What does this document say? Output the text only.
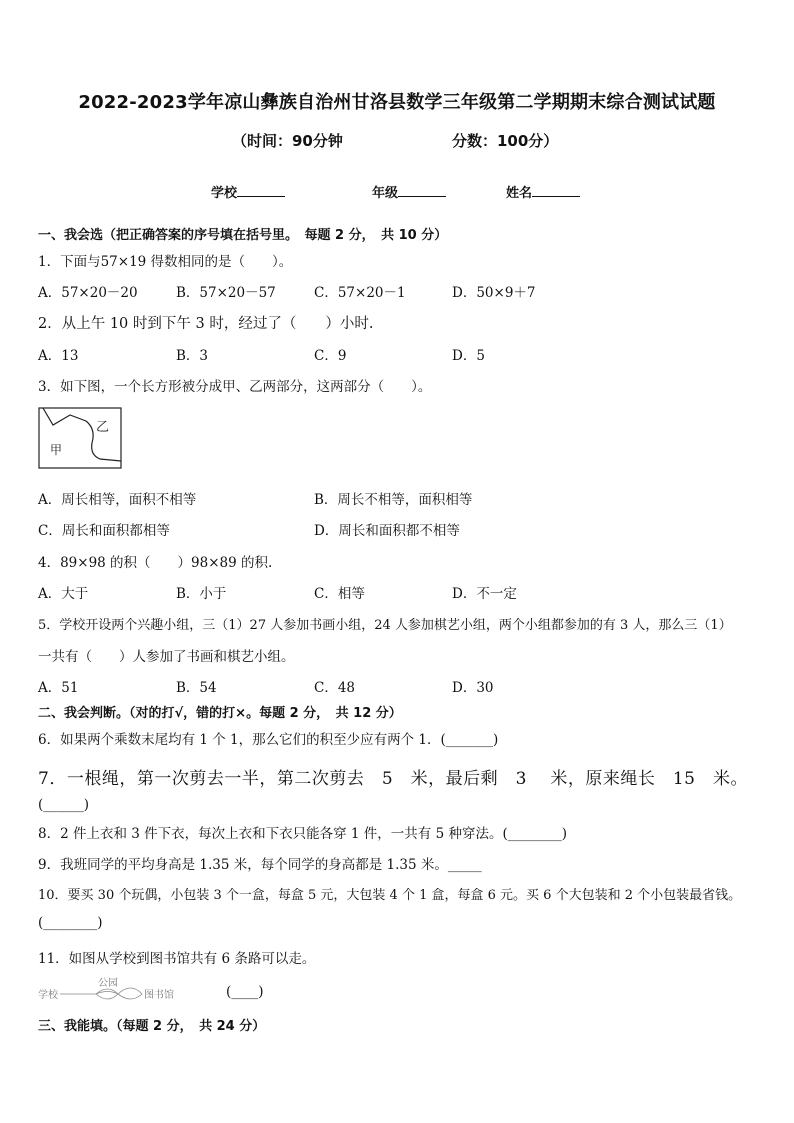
2022-2023学年凉山彝族自治州甘洛县数学三年级第二学期期末综合测试试题
（时间：90分钟	分数：100分）
学校	年级	姓名
一、我会选（把正确答案的序号填在括号里。　每题 2 分，　共 10 分）
1．下面与57×19 得数相同的是（　　）。
A．57×20－20	B．57×20－57	C．57×20－1	D．50×9＋7
2．从上午 10 时到下午 3 时，经过了（　　）小时.
A．13	B．3	C．9	D．5
3．如下图，一个长方形被分成甲、乙两部分，这两部分（　　）。
乙
甲
A．周长相等，面积不相等	B．周长不相等，面积相等
C．周长和面积都相等	D．周长和面积都不相等
4．89×98 的积（　　）98×89 的积.
A．大于	B．小于	C．相等	D．不一定
5．学校开设两个兴趣小组，三（1）27 人参加书画小组，24 人参加棋艺小组，两个小组都参加的有 3 人，那么三（1）
一共有（　　）人参加了书画和棋艺小组。
A．51	B．54	C．48	D．30
二、我会判断。（对的打√，错的打×。每题 2 分，　共 12 分）
6．如果两个乘数末尾均有 1 个 1，那么它们的积至少应有两个 1．(_______)
7．一根绳，第一次剪去一半，第二次剪去　5　米，最后剩　3　 米，原来绳长　15　米。
(______)
8．2 件上衣和 3 件下衣，每次上衣和下衣只能各穿 1 件，一共有 5 种穿法。(________)
9．我班同学的平均身高是 1.35 米，每个同学的身高都是 1.35 米。_____
10．要买 30 个玩偶，小包装 3 个一盒，每盒 5 元，大包装 4 个 1 盒，每盒 6 元。买 6 个大包装和 2 个小包装最省钱。
(________)
11．如图从学校到图书馆共有 6 条路可以走。
学校
公园
图书馆	(____)
三、我能填。（每题 2 分，　共 24 分）
